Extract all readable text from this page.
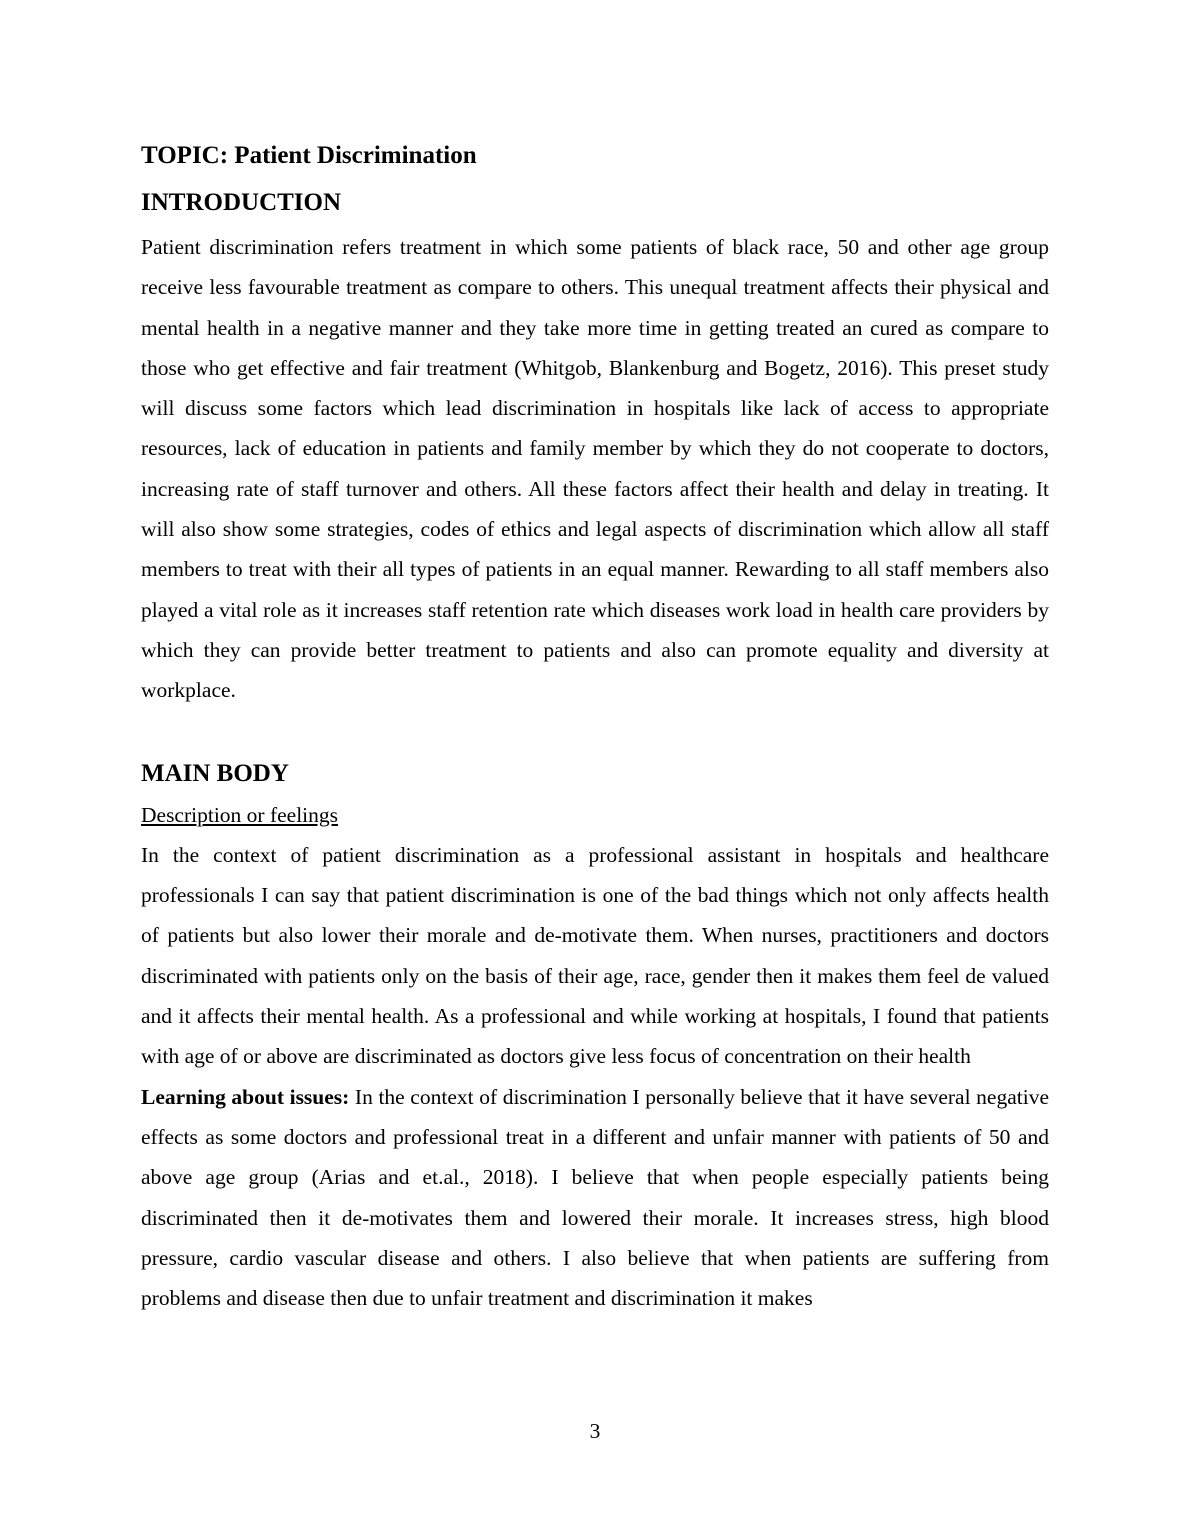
TOPIC: Patient Discrimination
INTRODUCTION

Patient discrimination refers treatment in which some patients of black race, 50 and other age group receive less favourable treatment as compare to others. This unequal treatment affects their physical and mental health in a negative manner and they take more time in getting treated an cured as compare to those who get effective and fair treatment (Whitgob, Blankenburg and Bogetz, 2016). This preset study will discuss some factors which lead discrimination in hospitals like lack of access to appropriate resources, lack of education in patients and family member by which they do not cooperate to doctors, increasing rate of staff turnover and others. All these factors affect their health and delay in treating. It will also show some strategies, codes of ethics and legal aspects of discrimination which allow all staff members to treat with their all types of patients in an equal manner. Rewarding to all staff members also played a vital role as it increases staff retention rate which diseases work load in health care providers by which they can provide better treatment to patients and also can promote equality and diversity at workplace.

MAIN BODY
Description or feelings

In the context of patient discrimination as a professional assistant in hospitals and healthcare professionals I can say that patient discrimination is one of the bad things which not only affects health of patients but also lower their morale and de-motivate them. When nurses, practitioners and doctors discriminated with patients only on the basis of their age, race, gender then it makes them feel de valued and it affects their mental health. As a professional and while working at hospitals, I found that patients with age of or above are discriminated as doctors give less focus of concentration on their health

Learning about issues: In the context of discrimination I personally believe that it have several negative effects as some doctors and professional treat in a different and unfair manner with patients of 50 and above age group (Arias and et.al., 2018). I believe that when people especially patients being discriminated then it de-motivates them and lowered their morale. It increases stress, high blood pressure, cardio vascular disease and others. I also believe that when patients are suffering from problems and disease then due to unfair treatment and discrimination it makes

3
